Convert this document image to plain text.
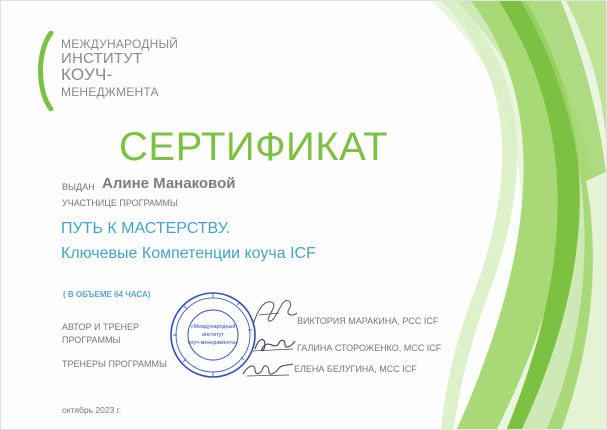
МЕЖДУНАРОДНЫЙ
ИНСТИТУТ
КОУЧ-
МЕНЕДЖМЕНТА
СЕРТИФИКАТ
ВЫДАН Алине Манаковой
УЧАСТНИЦЕ ПРОГРАММЫ
ПУТЬ К МАСТЕРСТВУ.
Ключевые Компетенции коуча ICF
( В ОБЪЕМЕ 64 ЧАСА)
АВТОР И ТРЕНЕР ПРОГРАММЫ
ТРЕНЕРЫ ПРОГРАММЫ
«Международный
институт
коуч-менеджмента»
ВИКТОРИЯ МАРАКИНА, PCC ICF
ГАЛИНА СТОРОЖЕНКО, MCC ICF
ЕЛЕНА БЕЛУГИНА, MCC ICF
октябрь 2023 г.
